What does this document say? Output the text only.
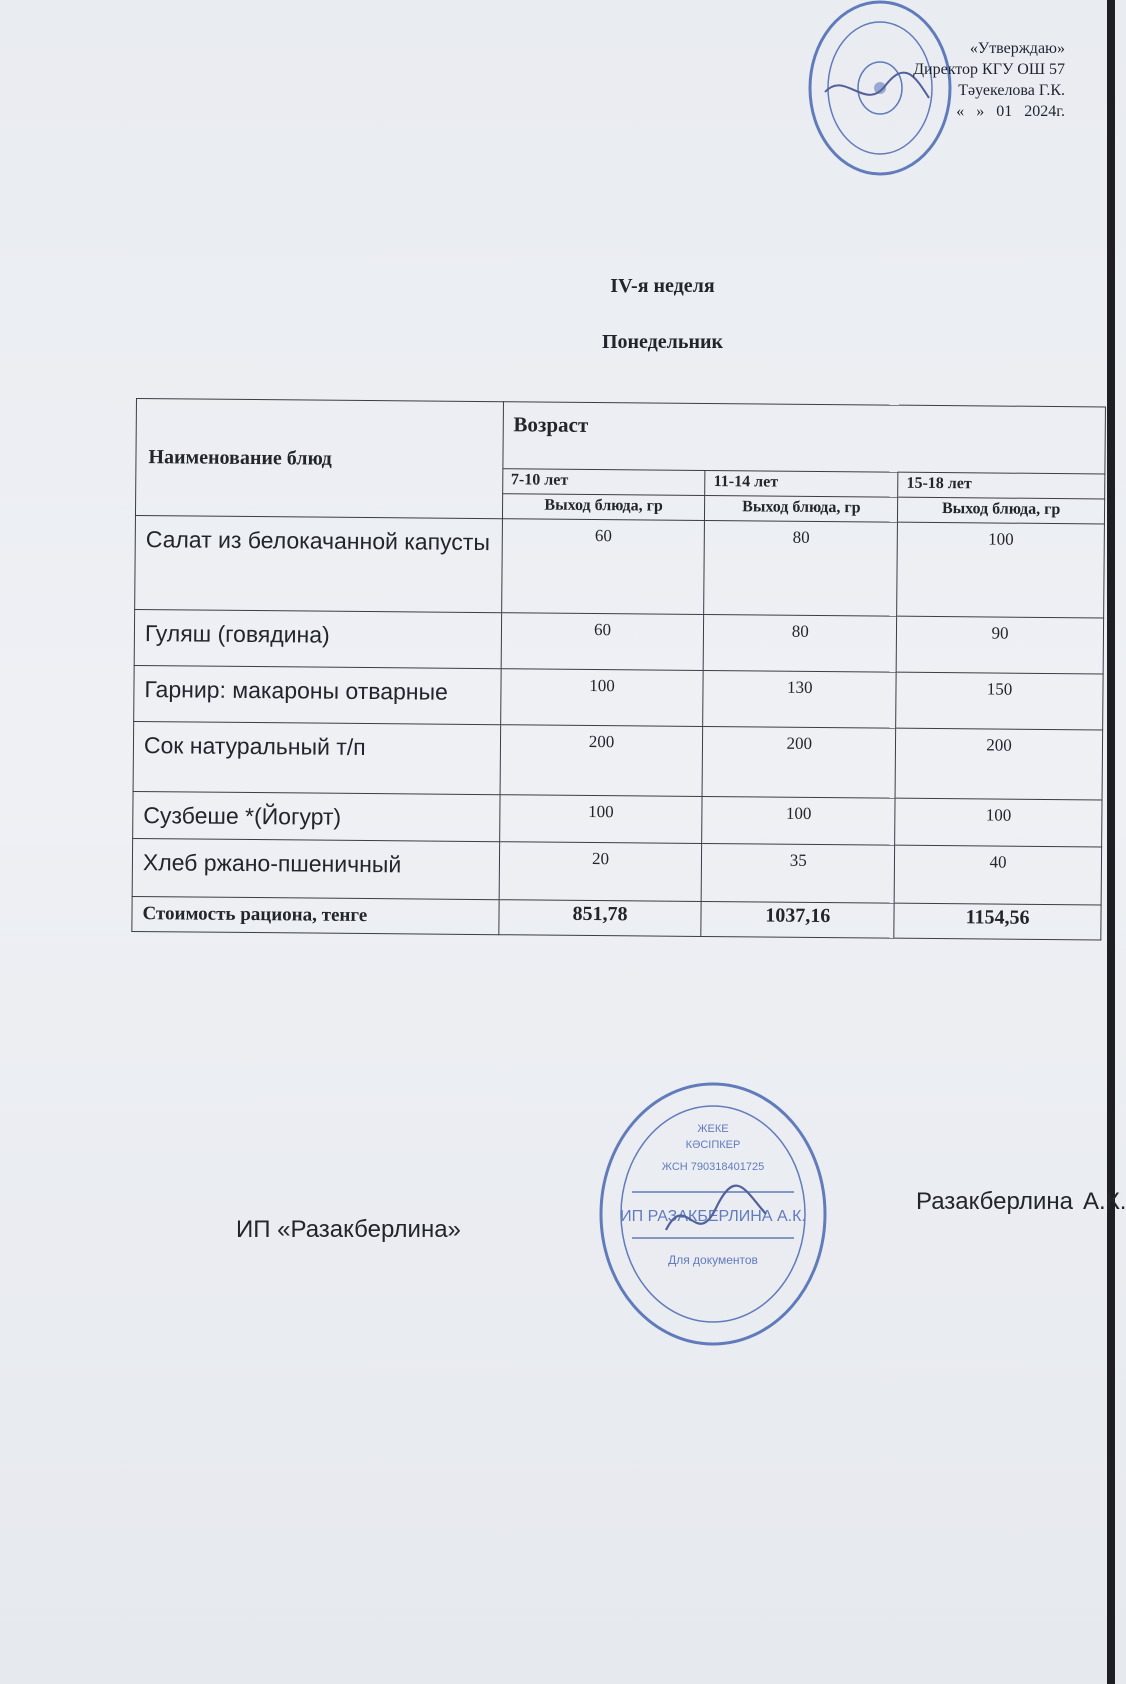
«Утверждаю»
Директор КГУ ОШ 57
Тәуекелова Г.К.
« » 01 2024г.
IV-я неделя
Понедельник
Наименование блюд	Возраст		
	7-10 лет	11-14 лет	15-18 лет
	Выход блюда, гр	Выход блюда, гр	Выход блюда, гр
Салат из белокачанной капусты	60	80	100
Гуляш (говядина)	60	80	90
Гарнир: макароны отварные	100	130	150
Сок натуральный т/п	200	200	200
Сузбеше *(Йогурт)	100	100	100
Хлеб ржано-пшеничный	20	35	40
Стоимость рациона, тенге	851,78	1037,16	1154,56
ИП «Разакберлина»
ЖЕКЕ
КӘСІПКЕР
ЖСН 790318401725
ИП РАЗАКБЕРЛИНА А.К.
Для документов
Разакберлина А.К.
